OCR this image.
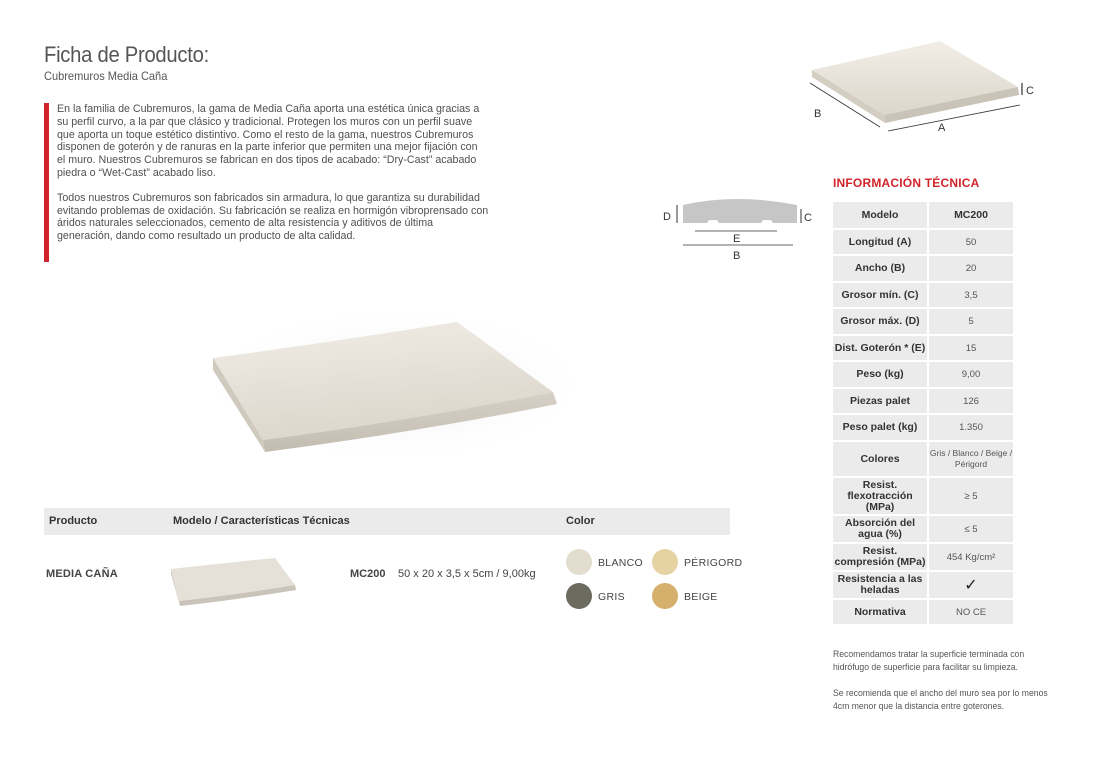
Ficha de Producto:
Cubremuros Media Caña

En la familia de Cubremuros, la gama de Media Caña aporta una estética única gracias a su perfil curvo, a la par que clásico y tradicional. Protegen los muros con un perfil suave que aporta un toque estético distintivo. Como el resto de la gama, nuestros Cubremuros disponen de goterón y de ranuras en la parte inferior que permiten una mejor fijación con el muro. Nuestros Cubremuros se fabrican en dos tipos de acabado: “Dry-Cast” acabado piedra o “Wet-Cast” acabado liso.

Todos nuestros Cubremuros son fabricados sin armadura, lo que garantiza su durabilidad evitando problemas de oxidación. Su fabricación se realiza en hormigón vibroprensado con áridos naturales seleccionados, cemento de alta resistencia y aditivos de última generación, dando como resultado un producto de alta calidad.

Producto	Modelo / Características Técnicas	Color
MEDIA CAÑA	MC200 50 x 20 x 3,5 x 5cm / 9,00kg
BLANCO	PÉRIGORD
GRIS	BEIGE
B
A
C
D	C
E
B
INFORMACIÓN TÉCNICA
Modelo	MC200
Longitud (A)	50
Ancho (B)	20
Grosor mín. (C)	3,5
Grosor máx. (D)	5
Dist. Goterón * (E)	15
Peso (kg)	9,00
Piezas palet	126
Peso palet (kg)	1.350
Colores	Gris / Blanco / Beige / Périgord
Resist. flexotracción (MPa)	≥ 5
Absorción del agua (%)	≤ 5
Resist. compresión (MPa)	454 Kg/cm²
Resistencia a las heladas	✓
Normativa	NO CE
Recomendamos tratar la superficie terminada con hidrófugo de superficie para facilitar su limpieza.
Se recomienda que el ancho del muro sea por lo menos 4cm menor que la distancia entre goterones.
